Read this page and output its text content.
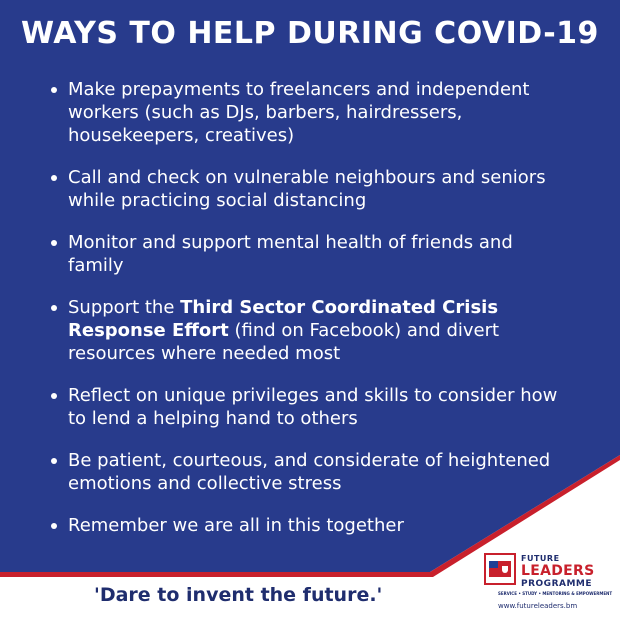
WAYS TO HELP DURING COVID-19
Make prepayments to freelancers and independent workers (such as DJs, barbers, hairdressers, housekeepers, creatives)
Call and check on vulnerable neighbours and seniors while practicing social distancing
Monitor and support mental health of friends and family
Support the Third Sector Coordinated Crisis Response Effort (find on Facebook) and divert resources where needed most
Reflect on unique privileges and skills to consider how to lend a helping hand to others
Be patient, courteous, and considerate of heightened emotions and collective stress
Remember we are all in this together
'Dare to invent the future.'
FUTURE
LEADERS
PROGRAMME
SERVICE • STUDY • MENTORING & EMPOWERMENT
www.futureleaders.bm
